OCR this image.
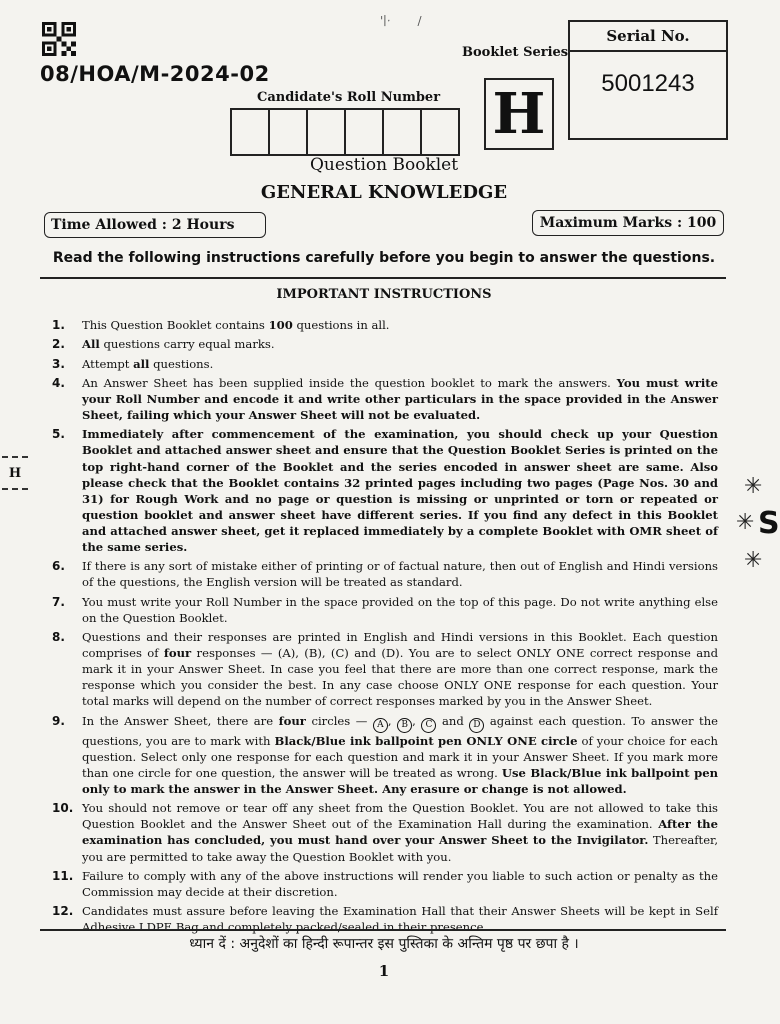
'∣ˑ       /
08/HOA/M-2024-02
Candidate's Roll Number
Booklet Series
H
Serial No.
5001243
Question Booklet
GENERAL KNOWLEDGE
Time Allowed : 2 Hours	Maximum Marks : 100
Read the following instructions carefully before you begin to answer the questions.
IMPORTANT INSTRUCTIONS
1.	This Question Booklet contains 100 questions in all.
2.	All questions carry equal marks.
3.	Attempt all questions.
4.	An Answer Sheet has been supplied inside the question booklet to mark the answers. You must write your Roll Number and encode it and write other particulars in the space provided in the Answer Sheet, failing which your Answer Sheet will not be evaluated.
5.	Immediately after commencement of the examination, you should check up your Question Booklet and attached answer sheet and ensure that the Question Booklet Series is printed on the top right-hand corner of the Booklet and the series encoded in answer sheet are same. Also please check that the Booklet contains 32 printed pages including two pages (Page Nos. 30 and 31) for Rough Work and no page or question is missing or unprinted or torn or repeated or question booklet and answer sheet have different series. If you find any defect in this Booklet and attached answer sheet, get it replaced immediately by a complete Booklet with OMR sheet of the same series.
6.	If there is any sort of mistake either of printing or of factual nature, then out of English and Hindi versions of the questions, the English version will be treated as standard.
7.	You must write your Roll Number in the space provided on the top of this page. Do not write anything else on the Question Booklet.
8.	Questions and their responses are printed in English and Hindi versions in this Booklet. Each question comprises of four responses — (A), (B), (C) and (D). You are to select ONLY ONE correct response and mark it in your Answer Sheet. In case you feel that there are more than one correct response, mark the response which you consider the best. In any case choose ONLY ONE response for each question. Your total marks will depend on the number of correct responses marked by you in the Answer Sheet.
9.	In the Answer Sheet, there are four circles — A , B , C and D against each question. To answer the questions, you are to mark with Black/Blue ink ballpoint pen ONLY ONE circle of your choice for each question. Select only one response for each question and mark it in your Answer Sheet. If you mark more than one circle for one question, the answer will be treated as wrong. Use Black/Blue ink ballpoint pen only to mark the answer in the Answer Sheet. Any erasure or change is not allowed.
10. You should not remove or tear off any sheet from the Question Booklet. You are not allowed to take this Question Booklet and the Answer Sheet out of the Examination Hall during the examination. After the examination has concluded, you must hand over your Answer Sheet to the Invigilator. Thereafter, you are permitted to take away the Question Booklet with you.
11. Failure to comply with any of the above instructions will render you liable to such action or penalty as the Commission may decide at their discretion.
12. Candidates must assure before leaving the Examination Hall that their Answer Sheets will be kept in Self Adhesive LDPE Bag and completely packed/sealed in their presence.
ध्यान दें : अनुदेशों का हिन्दी रूपान्तर इस पुस्तिका के अन्तिम पृष्ठ पर छपा है ।
1
H
✳
✳
✳
S
